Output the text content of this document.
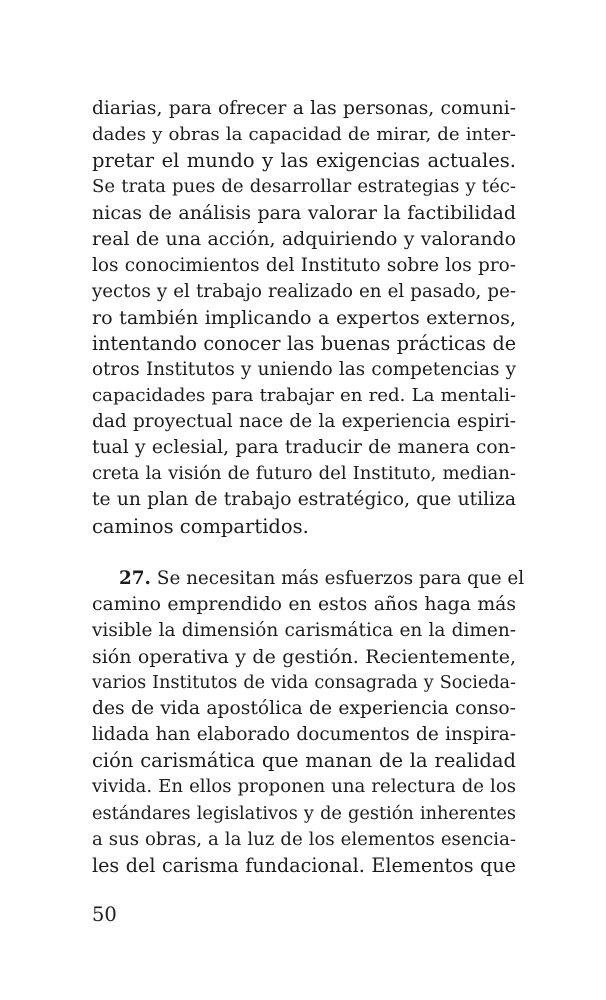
diarias, para ofrecer a las personas, comuni-
dades y obras la capacidad de mirar, de inter-
pretar el mundo y las exigencias actuales.
Se trata pues de desarrollar estrategias y téc-
nicas de análisis para valorar la factibilidad
real de una acción, adquiriendo y valorando
los conocimientos del Instituto sobre los pro-
yectos y el trabajo realizado en el pasado, pe-
ro también implicando a expertos externos,
intentando conocer las buenas prácticas de
otros Institutos y uniendo las competencias y
capacidades para trabajar en red. La mentali-
dad proyectual nace de la experiencia espiri-
tual y eclesial, para traducir de manera con-
creta la visión de futuro del Instituto, median-
te un plan de trabajo estratégico, que utiliza
caminos compartidos.
27. Se necesitan más esfuerzos para que el
camino emprendido en estos años haga más
visible la dimensión carismática en la dimen-
sión operativa y de gestión. Recientemente,
varios Institutos de vida consagrada y Socieda-
des de vida apostólica de experiencia conso-
lidada han elaborado documentos de inspira-
ción carismática que manan de la realidad
vivida. En ellos proponen una relectura de los
estándares legislativos y de gestión inherentes
a sus obras, a la luz de los elementos esencia-
les del carisma fundacional. Elementos que
50
